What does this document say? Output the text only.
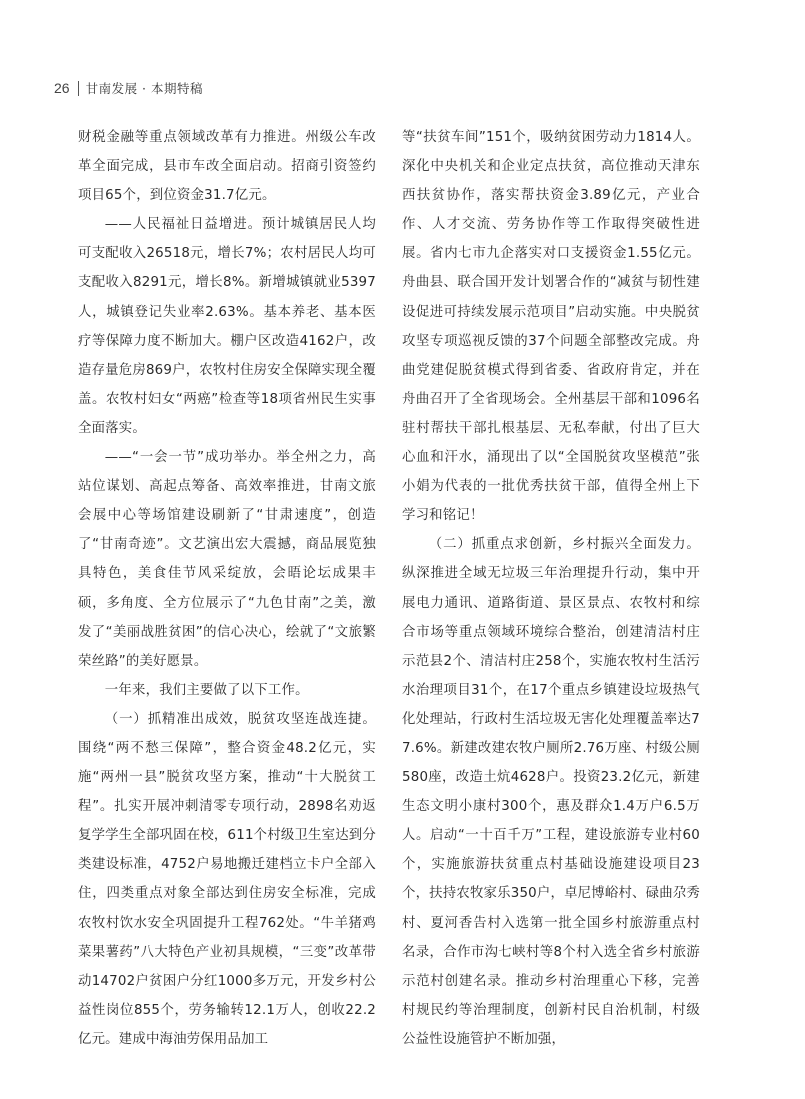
26 甘南发展 · 本期特稿

财税金融等重点领域改革有力推进。州级公车改革全面完成，县市车改全面启动。招商引资签约项目65个，到位资金31.7亿元。

——人民福祉日益增进。预计城镇居民人均可支配收入26518元，增长7%；农村居民人均可支配收入8291元，增长8%。新增城镇就业5397人，城镇登记失业率2.63%。基本养老、基本医疗等保障力度不断加大。棚户区改造4162户，改造存量危房869户，农牧村住房安全保障实现全覆盖。农牧村妇女“两癌”检查等18项省州民生实事全面落实。

——“一会一节”成功举办。举全州之力，高站位谋划、高起点筹备、高效率推进，甘南文旅会展中心等场馆建设刷新了“甘肃速度”，创造了“甘南奇迹”。文艺演出宏大震撼，商品展览独具特色，美食佳节风采绽放，会晤论坛成果丰硕，多角度、全方位展示了“九色甘南”之美，激发了“美丽战胜贫困”的信心决心，绘就了“文旅繁荣丝路”的美好愿景。

一年来，我们主要做了以下工作。

（一）抓精准出成效，脱贫攻坚连战连捷。围绕“两不愁三保障”，整合资金48.2亿元，实施“两州一县”脱贫攻坚方案，推动“十大脱贫工程”。扎实开展冲刺清零专项行动，2898名劝返复学学生全部巩固在校，611个村级卫生室达到分类建设标准，4752户易地搬迁建档立卡户全部入住，四类重点对象全部达到住房安全标准，完成农牧村饮水安全巩固提升工程762处。“牛羊猪鸡菜果薯药”八大特色产业初具规模，“三变”改革带动14702户贫困户分红1000多万元，开发乡村公益性岗位855个，劳务输转12.1万人，创收22.2亿元。建成中海油劳保用品加工

等“扶贫车间”151个，吸纳贫困劳动力1814人。深化中央机关和企业定点扶贫，高位推动天津东西扶贫协作，落实帮扶资金3.89亿元，产业合作、人才交流、劳务协作等工作取得突破性进展。省内七市九企落实对口支援资金1.55亿元。舟曲县、联合国开发计划署合作的“减贫与韧性建设促进可持续发展示范项目”启动实施。中央脱贫攻坚专项巡视反馈的37个问题全部整改完成。舟曲党建促脱贫模式得到省委、省政府肯定，并在舟曲召开了全省现场会。全州基层干部和1096名驻村帮扶干部扎根基层、无私奉献，付出了巨大心血和汗水，涌现出了以“全国脱贫攻坚模范”张小娟为代表的一批优秀扶贫干部，值得全州上下学习和铭记！

（二）抓重点求创新，乡村振兴全面发力。纵深推进全域无垃圾三年治理提升行动，集中开展电力通讯、道路街道、景区景点、农牧村和综合市场等重点领域环境综合整治，创建清洁村庄示范县2个、清洁村庄258个，实施农牧村生活污水治理项目31个，在17个重点乡镇建设垃圾热气化处理站，行政村生活垃圾无害化处理覆盖率达77.6%。新建改建农牧户厕所2.76万座、村级公厕580座，改造土炕4628户。投资23.2亿元，新建生态文明小康村300个，惠及群众1.4万户6.5万人。启动“一十百千万”工程，建设旅游专业村60个，实施旅游扶贫重点村基础设施建设项目23个，扶持农牧家乐350户，卓尼博峪村、碌曲尕秀村、夏河香告村入选第一批全国乡村旅游重点村名录，合作市沟七峡村等8个村入选全省乡村旅游示范村创建名录。推动乡村治理重心下移，完善村规民约等治理制度，创新村民自治机制，村级公益性设施管护不断加强，
